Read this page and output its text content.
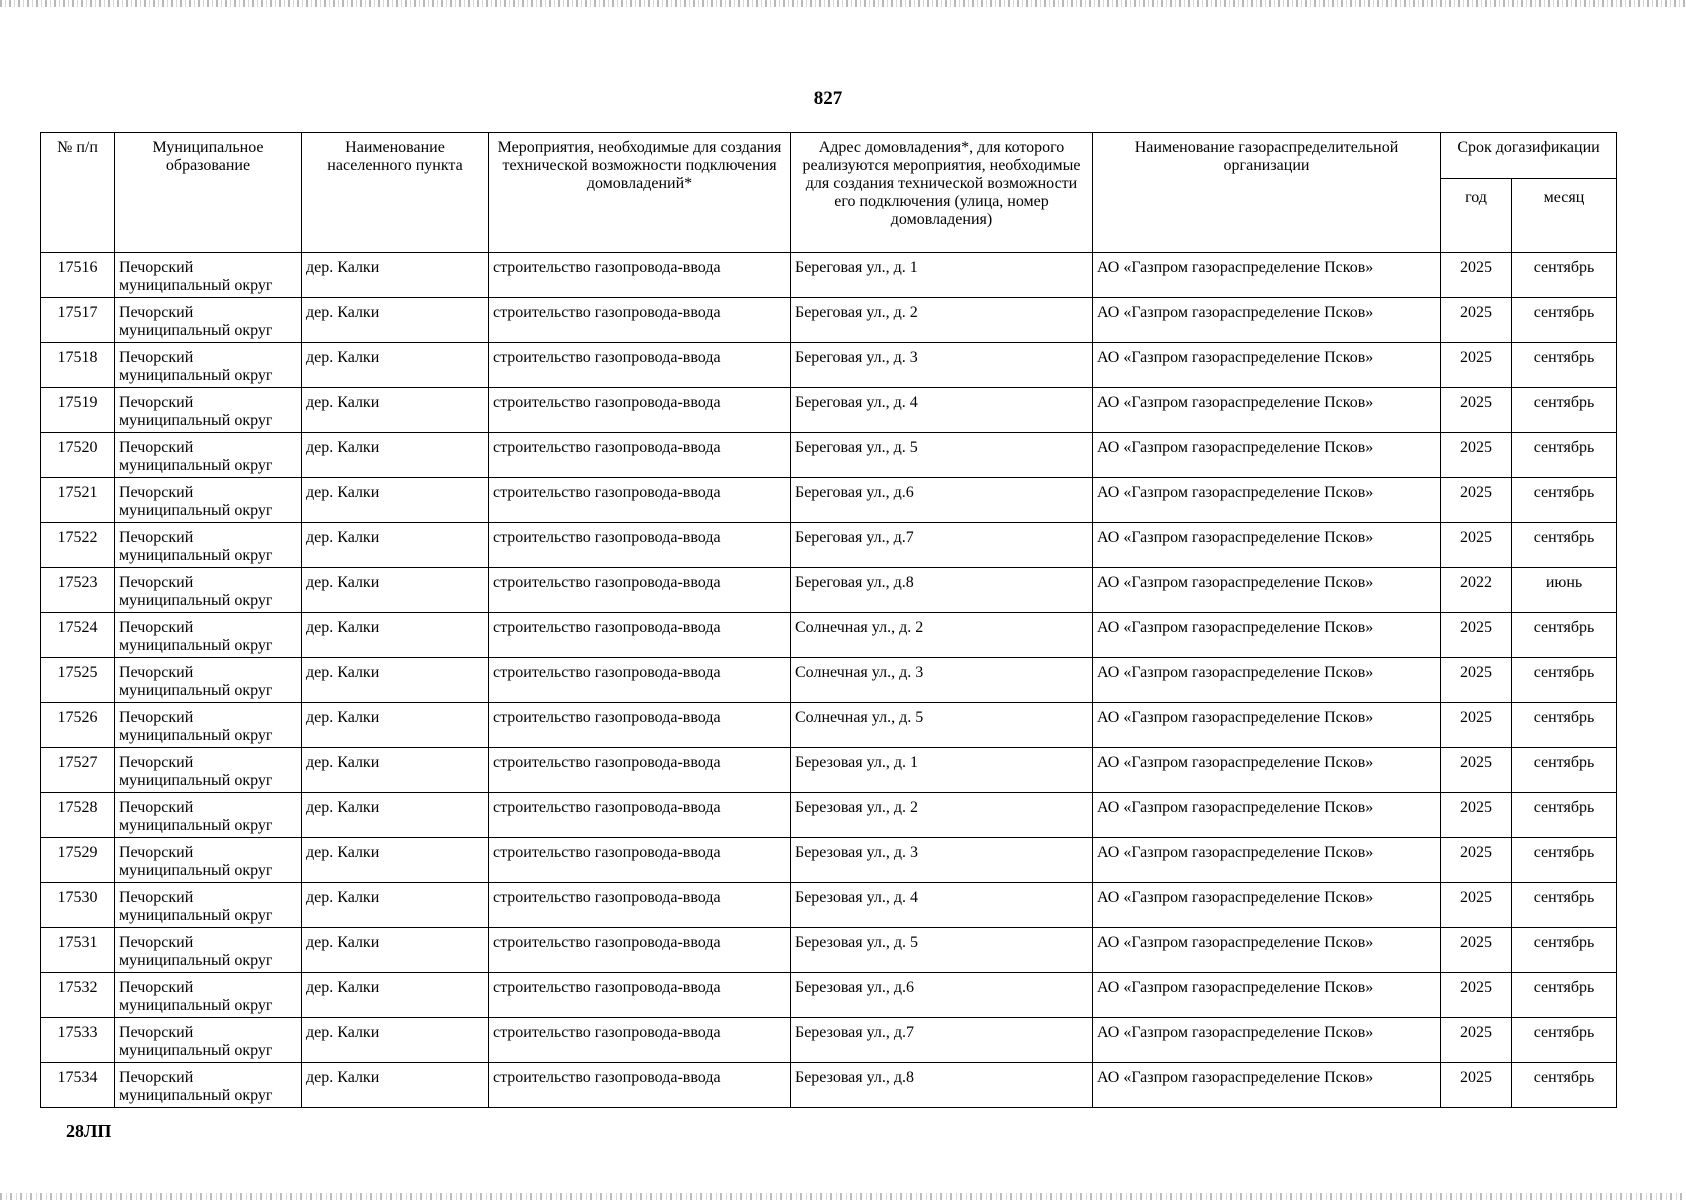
827
№ п/п	Муниципальное образование	Наименование населенного пункта	Мероприятия, необходимые для создания технической возможности подключения домовладений*	Адрес домовладения*, для которого реализуются мероприятия, необходимые для создания технической возможности его подключения (улица, номер домовладения)	Наименование газораспределительной организации	Срок догазификации	
						год	месяц
17516	Печорский муниципальный округ	дер. Калки	строительство газопровода-ввода	Береговая ул., д. 1	АО «Газпром газораспределение Псков»	2025	сентябрь
17517	Печорский муниципальный округ	дер. Калки	строительство газопровода-ввода	Береговая ул., д. 2	АО «Газпром газораспределение Псков»	2025	сентябрь
17518	Печорский муниципальный округ	дер. Калки	строительство газопровода-ввода	Береговая ул., д. 3	АО «Газпром газораспределение Псков»	2025	сентябрь
17519	Печорский муниципальный округ	дер. Калки	строительство газопровода-ввода	Береговая ул., д. 4	АО «Газпром газораспределение Псков»	2025	сентябрь
17520	Печорский муниципальный округ	дер. Калки	строительство газопровода-ввода	Береговая ул., д. 5	АО «Газпром газораспределение Псков»	2025	сентябрь
17521	Печорский муниципальный округ	дер. Калки	строительство газопровода-ввода	Береговая ул., д.6	АО «Газпром газораспределение Псков»	2025	сентябрь
17522	Печорский муниципальный округ	дер. Калки	строительство газопровода-ввода	Береговая ул., д.7	АО «Газпром газораспределение Псков»	2025	сентябрь
17523	Печорский муниципальный округ	дер. Калки	строительство газопровода-ввода	Береговая ул., д.8	АО «Газпром газораспределение Псков»	2022	июнь
17524	Печорский муниципальный округ	дер. Калки	строительство газопровода-ввода	Солнечная ул., д. 2	АО «Газпром газораспределение Псков»	2025	сентябрь
17525	Печорский муниципальный округ	дер. Калки	строительство газопровода-ввода	Солнечная ул., д. 3	АО «Газпром газораспределение Псков»	2025	сентябрь
17526	Печорский муниципальный округ	дер. Калки	строительство газопровода-ввода	Солнечная ул., д. 5	АО «Газпром газораспределение Псков»	2025	сентябрь
17527	Печорский муниципальный округ	дер. Калки	строительство газопровода-ввода	Березовая ул., д. 1	АО «Газпром газораспределение Псков»	2025	сентябрь
17528	Печорский муниципальный округ	дер. Калки	строительство газопровода-ввода	Березовая ул., д. 2	АО «Газпром газораспределение Псков»	2025	сентябрь
17529	Печорский муниципальный округ	дер. Калки	строительство газопровода-ввода	Березовая ул., д. 3	АО «Газпром газораспределение Псков»	2025	сентябрь
17530	Печорский муниципальный округ	дер. Калки	строительство газопровода-ввода	Березовая ул., д. 4	АО «Газпром газораспределение Псков»	2025	сентябрь
17531	Печорский муниципальный округ	дер. Калки	строительство газопровода-ввода	Березовая ул., д. 5	АО «Газпром газораспределение Псков»	2025	сентябрь
17532	Печорский муниципальный округ	дер. Калки	строительство газопровода-ввода	Березовая ул., д.6	АО «Газпром газораспределение Псков»	2025	сентябрь
17533	Печорский муниципальный округ	дер. Калки	строительство газопровода-ввода	Березовая ул., д.7	АО «Газпром газораспределение Псков»	2025	сентябрь
17534	Печорский муниципальный округ	дер. Калки	строительство газопровода-ввода	Березовая ул., д.8	АО «Газпром газораспределение Псков»	2025	сентябрь
28ЛП
